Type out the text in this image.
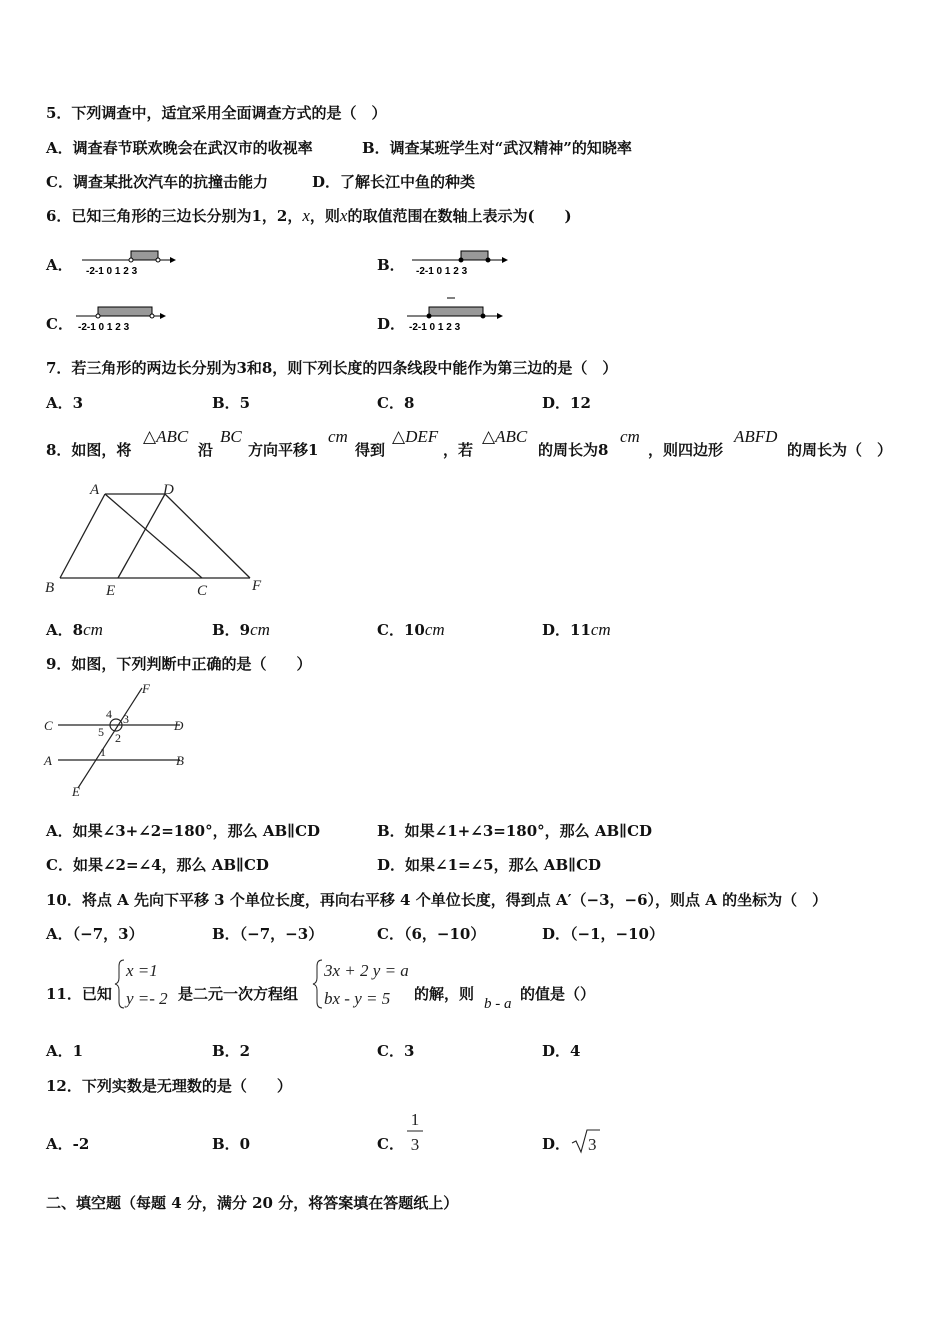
5．下列调查中，适宜采用全面调查方式的是（　）
A．调查春节联欢晚会在武汉市的收视率	B．调查某班学生对“武汉精神”的知晓率
C．调查某批次汽车的抗撞击能力	D．了解长江中鱼的种类
6．已知三角形的三边长分别为1，2，x，则x的取值范围在数轴上表示为(　　)
A． -2-1 0 1 2 3	B． -2-1 0 1 2 3
C． -2-1 0 1 2 3	D． -2-1 0 1 2 3
7．若三角形的两边长分别为3和8，则下列长度的四条线段中能作为第三边的是（　）
A．3	B．5	C．8	D．12
8．如图，将
△ABC
沿
BC
方向平移1
cm
得到
△DEF
，若
△ABC
的周长为8
cm
，则四边形
ABFD
的周长为（　）
A	D
B	E	C	F
A．8cm	B．9cm	C．10cm	D．11cm
9．如图，下列判断中正确的是（　　）
F
C	D
A	B
E
4 3
5 2
1
A．如果∠3+∠2=180°，那么 AB∥CD	B．如果∠1+∠3=180°，那么 AB∥CD
C．如果∠2=∠4，那么 AB∥CD	D．如果∠1=∠5，那么 AB∥CD
10．将点 A 先向下平移 3 个单位长度，再向右平移 4 个单位长度，得到点 A′（−3，−6），则点 A 的坐标为（　）
A．（−7，3）	B．（−7，−3）	C．（6，−10）	D．（−1，−10）
11．已知
x =1
y =- 2 是二元一次方程组
3x + 2 y = a
bx - y = 5 的解，则
b - a
的值是（）
A．1	B．2	C．3	D．4
12．下列实数是无理数的是（　　）
A．-2	B．0	C．
1
3	D． 3
二、填空题（每题 4 分，满分 20 分，将答案填在答题纸上）
